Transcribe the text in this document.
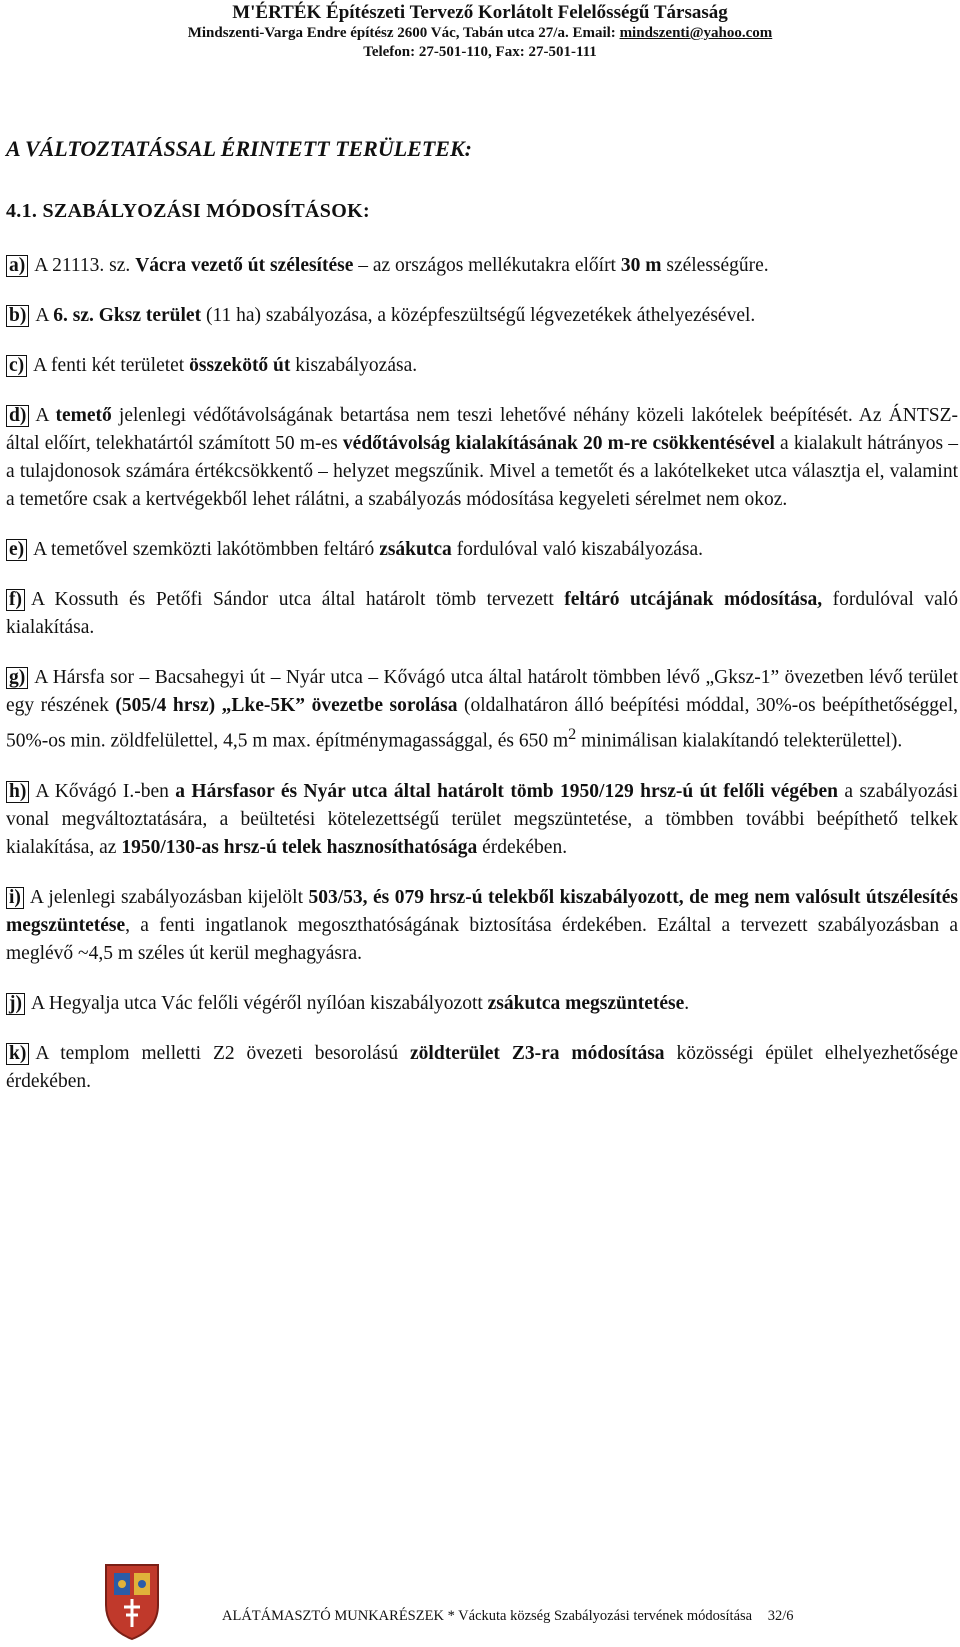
M'ÉRTÉK Építészeti Tervező Korlátolt Felelősségű Társaság
Mindszenti-Varga Endre építész 2600 Vác, Tabán utca 27/a. Email: mindszenti@yahoo.com
Telefon: 27-501-110, Fax: 27-501-111
A VÁLTOZTATÁSSAL ÉRINTETT TERÜLETEK:
4.1. SZABÁLYOZÁSI MÓDOSÍTÁSOK:
a) A 21113. sz. Vácra vezető út szélesítése – az országos mellékutakra előírt 30 m szélességűre.
b) A 6. sz. Gksz terület (11 ha) szabályozása, a középfeszültségű légvezetékek áthelyezésével.
c) A fenti két területet összekötő út kiszabályozása.
d) A temető jelenlegi védőtávolságának betartása nem teszi lehetővé néhány közeli lakótelek beépítését. Az ÁNTSZ-által előírt, telekhatártól számított 50 m-es védőtávolság kialakításának 20 m-re csökkentésével a kialakult hátrányos – a tulajdonosok számára értékcsökkentő – helyzet megszűnik. Mivel a temetőt és a lakótelkeket utca választja el, valamint a temetőre csak a kertvégekből lehet rálátni, a szabályozás módosítása kegyeleti sérelmet nem okoz.
e) A temetővel szemközti lakótömbben feltáró zsákutca fordulóval való kiszabályozása.
f) A Kossuth és Petőfi Sándor utca által határolt tömb tervezett feltáró utcájának módosítása, fordulóval való kialakítása.
g) A Hársfa sor – Bacsahegyi út – Nyár utca – Kővágó utca által határolt tömbben lévő „Gksz-1” övezetben lévő terület egy részének (505/4 hrsz) „Lke-5K” övezetbe sorolása (oldalhatáron álló beépítési móddal, 30%-os beépíthetőséggel, 50%-os min. zöldfelülettel, 4,5 m max. építménymagassággal, és 650 $m^2$ minimálisan kialakítandó telekterülettel).
h) A Kővágó I.-ben a Hársfasor és Nyár utca által határolt tömb 1950/129 hrsz-ú út felőli végében a szabályozási vonal megváltoztatására, a beültetési kötelezettségű terület megszüntetése, a tömbben további beépíthető telkek kialakítása, az 1950/130-as hrsz-ú telek hasznosíthatósága érdekében.
i) A jelenlegi szabályozásban kijelölt 503/53, és 079 hrsz-ú telekből kiszabályozott, de meg nem valósult útszélesítés megszüntetése, a fenti ingatlanok megoszthatóságának biztosítása érdekében. Ezáltal a tervezett szabályozásban a meglévő ~4,5 m széles út kerül meghagyásra.
j) A Hegyalja utca Vác felőli végéről nyílóan kiszabályozott zsákutca megszüntetése.
k) A templom melletti Z2 övezeti besorolású zöldterület Z3-ra módosítása közösségi épület elhelyezhetősége érdekében.
ALÁTÁMASZTÓ MUNKARÉSZEK * Váckuta község Szabályozási tervének módosítása 32/6
